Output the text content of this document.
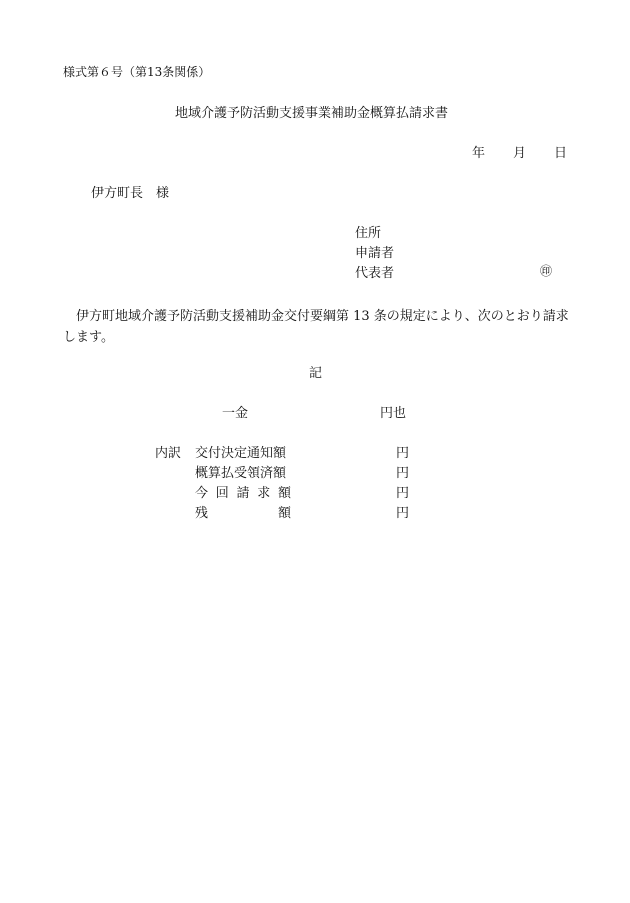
様式第６号（第13条関係）
地域介護予防活動支援事業補助金概算払請求書
年 月 日
伊方町長 様
住所
申請者
代表者	㊞
伊方町地域介護予防活動支援補助金交付要綱第 13 条の規定により、次のとおり請求します。
記
一金	円也
内訳 交付決定通知額	円
概算払受領済額	円
今 回 請 求 額	円
残	額	円
